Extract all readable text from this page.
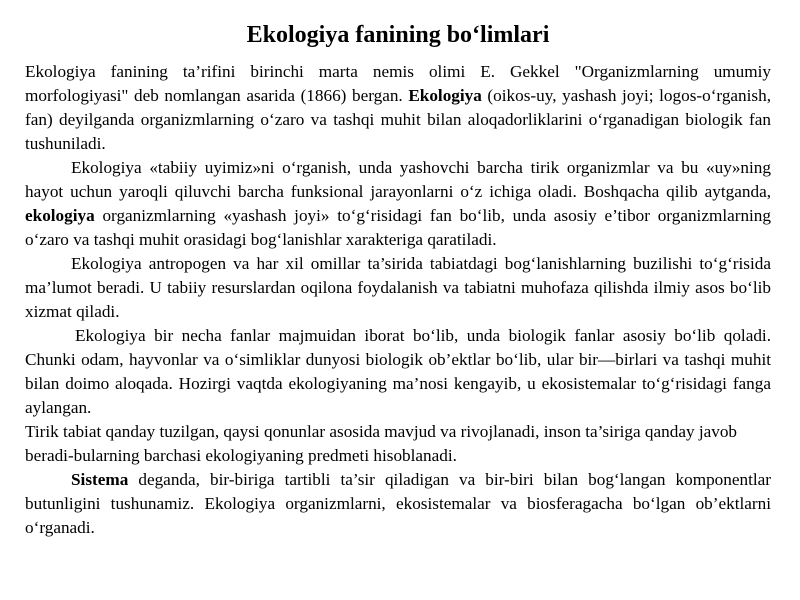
Ekologiya fanining bo‘limlari

Ekologiya fanining ta’rifini birinchi marta nemis olimi E. Gekkel "Organizmlarning umumiy morfologiyasi" deb nomlangan asarida (1866) bergan. Ekologiya (oikos-uy, yashash joyi; logos-o‘rganish, fan) deyilganda organizmlarning o‘zaro va tashqi muhit bilan aloqadorliklarini o‘rganadigan biologik fan tushuniladi.

Ekologiya «tabiiy uyimiz»ni o‘rganish, unda yashovchi barcha tirik organizmlar va bu «uy»ning hayot uchun yaroqli qiluvchi barcha funksional jarayonlarni o‘z ichiga oladi. Boshqacha qilib aytganda, ekologiya organizmlarning «yashash joyi» to‘g‘risidagi fan bo‘lib, unda asosiy e’tibor organizmlarning o‘zaro va tashqi muhit orasidagi bog‘lanishlar xarakteriga qaratiladi.

Ekologiya antropogen va har xil omillar ta’sirida tabiatdagi bog‘lanishlarning buzilishi to‘g‘risida ma’lumot beradi. U tabiiy resurslardan oqilona foydalanish va tabiatni muhofaza qilishda ilmiy asos bo‘lib xizmat qiladi.

Ekologiya bir necha fanlar majmuidan iborat bo‘lib, unda biologik fanlar asosiy bo‘lib qoladi. Chunki odam, hayvonlar va o‘simliklar dunyosi biologik ob’ektlar bo‘lib, ular bir—birlari va tashqi muhit bilan doimo aloqada. Hozirgi vaqtda ekologiyaning ma’nosi kengayib, u ekosistemalar to‘g‘risidagi fanga aylangan.

Tirik tabiat qanday tuzilgan, qaysi qonunlar asosida mavjud va rivojlanadi, inson ta’siriga qanday javob beradi-bularning barchasi ekologiyaning predmeti hisoblanadi.

Sistema deganda, bir-biriga tartibli ta’sir qiladigan va bir-biri bilan bog‘langan komponentlar butunligini tushunamiz. Ekologiya organizmlarni, ekosistemalar va biosferagacha bo‘lgan ob’ektlarni o‘rganadi.
